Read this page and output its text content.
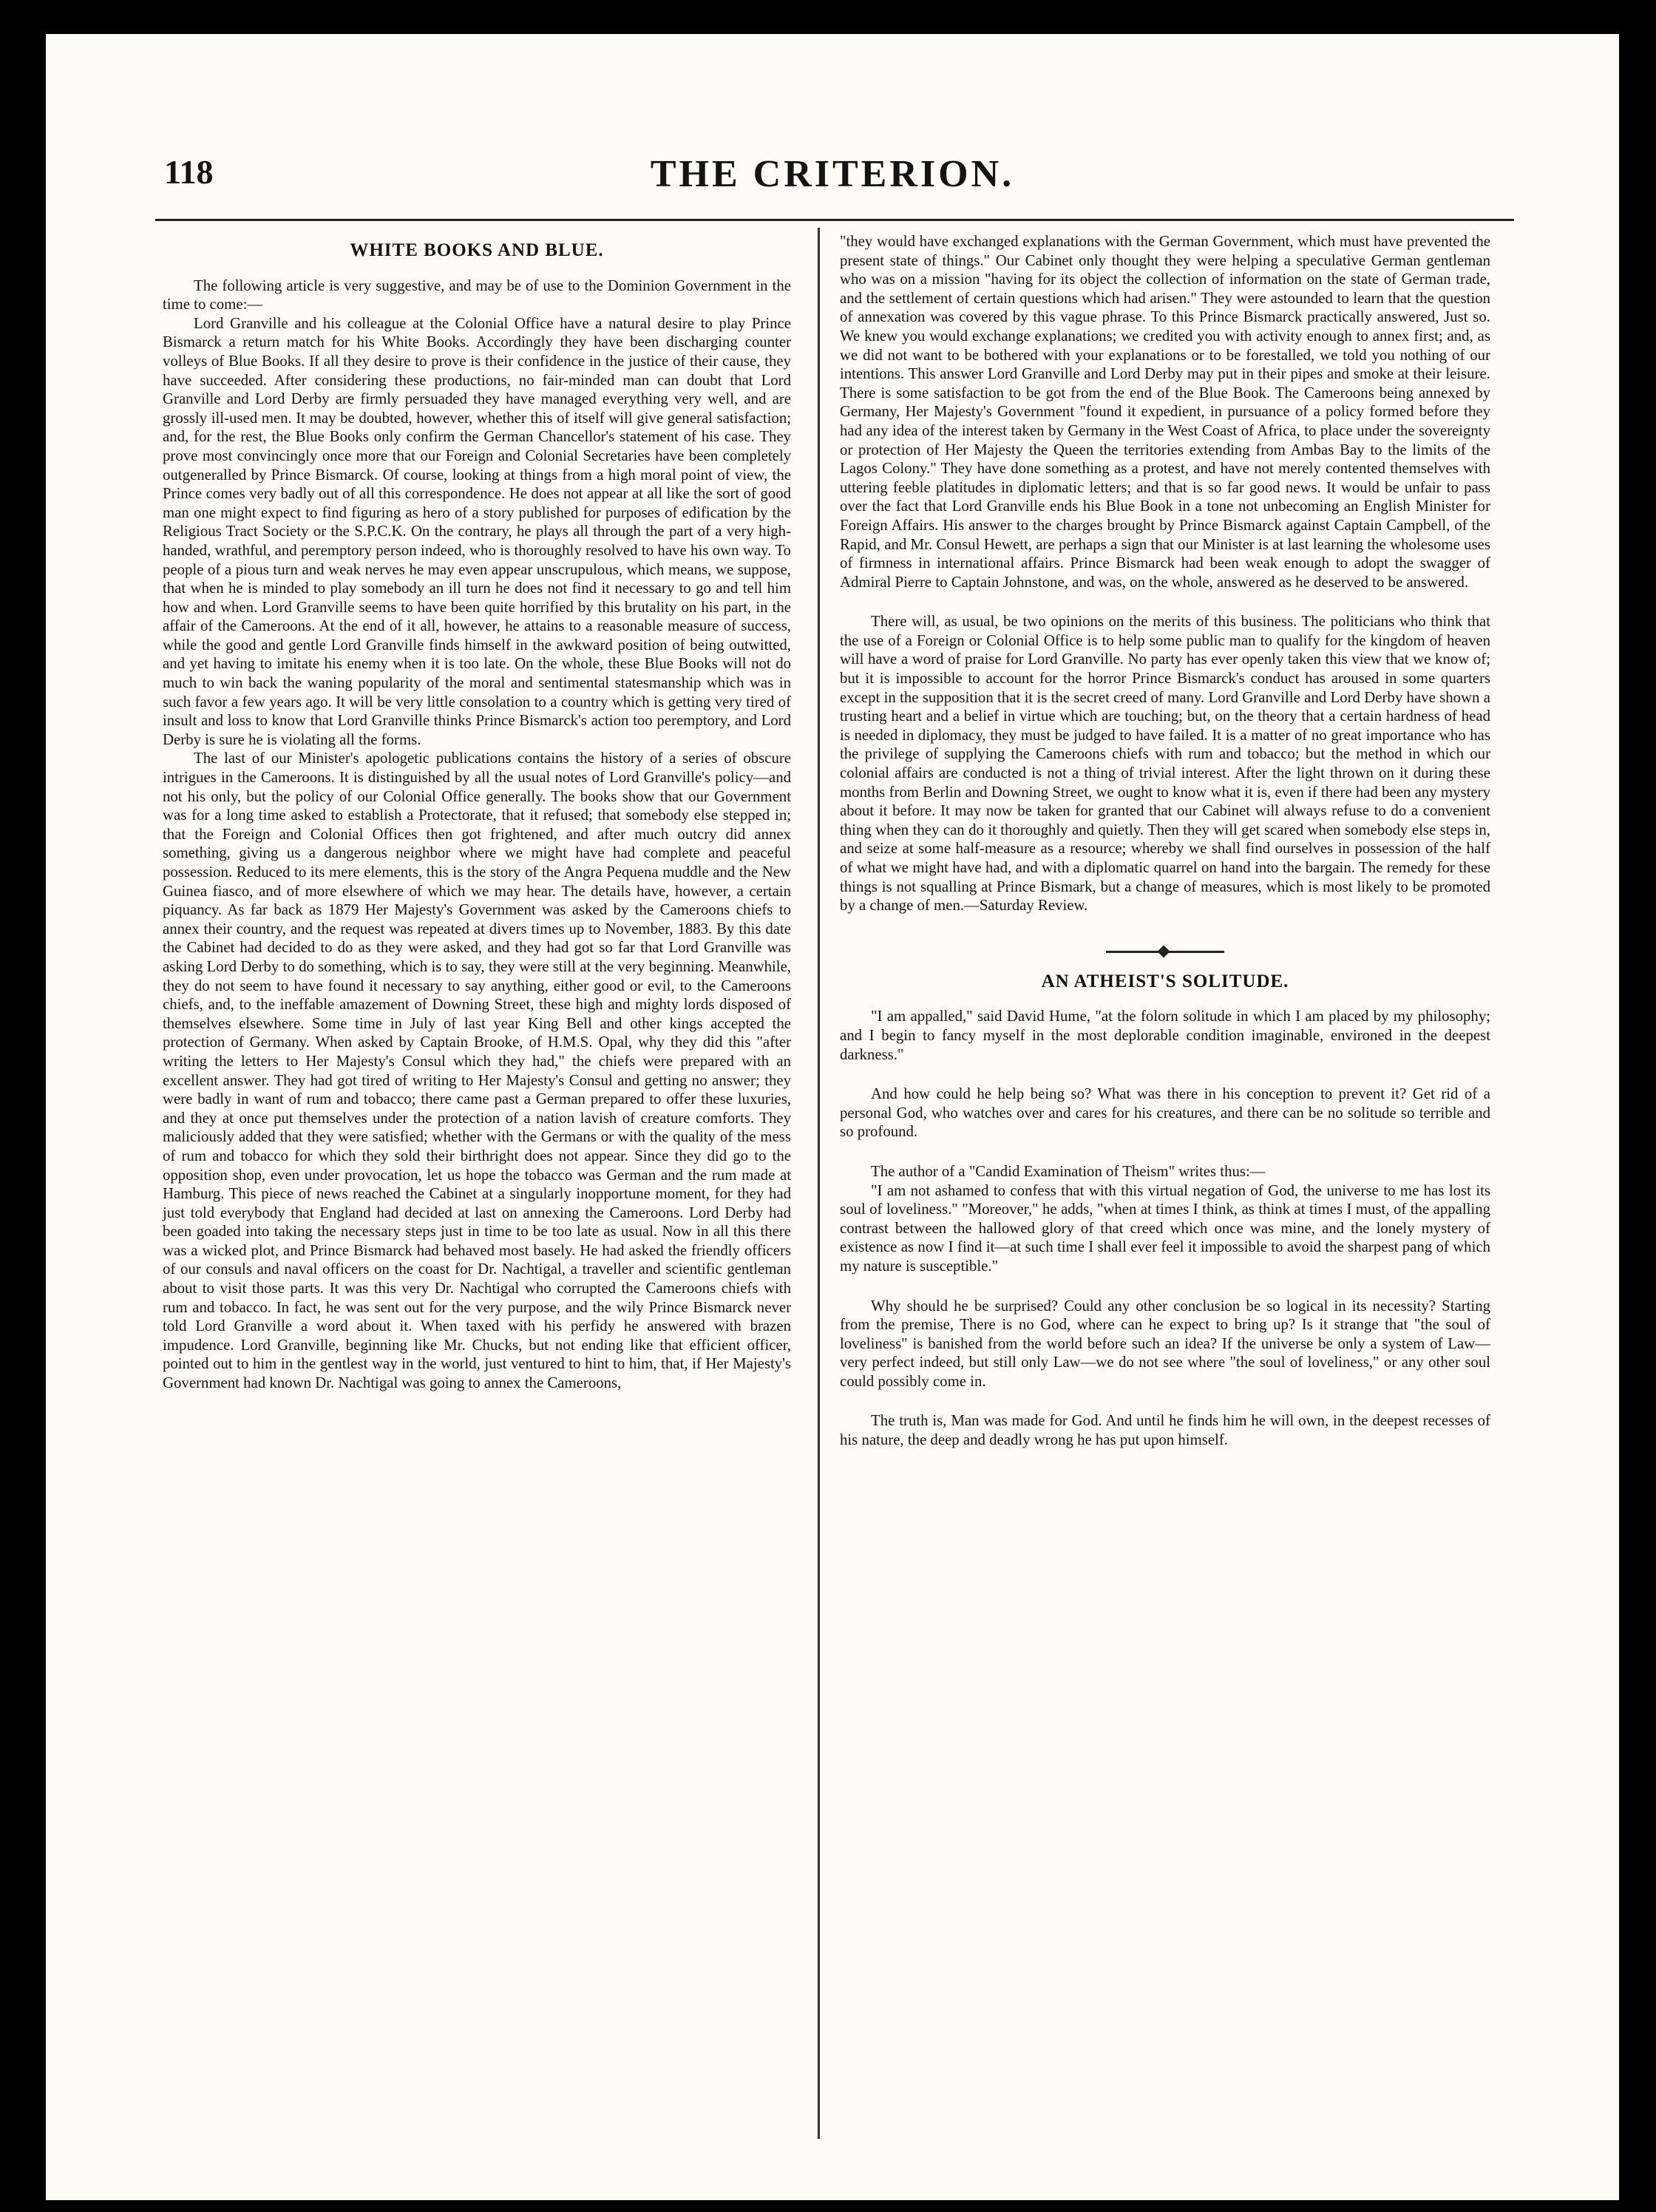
118	THE CRITERION.
WHITE BOOKS AND BLUE.

The following article is very suggestive, and may be of use to the Dominion Government in the time to come:—

Lord Granville and his colleague at the Colonial Office have a natural desire to play Prince Bismarck a return match for his White Books. Accordingly they have been discharging counter volleys of Blue Books. If all they desire to prove is their confidence in the justice of their cause, they have succeeded. After considering these productions, no fair-minded man can doubt that Lord Granville and Lord Derby are firmly persuaded they have managed everything very well, and are grossly ill-used men. It may be doubted, however, whether this of itself will give general satisfaction; and, for the rest, the Blue Books only confirm the German Chancellor's statement of his case. They prove most convincingly once more that our Foreign and Colonial Secretaries have been completely outgeneralled by Prince Bismarck. Of course, looking at things from a high moral point of view, the Prince comes very badly out of all this correspondence. He does not appear at all like the sort of good man one might expect to find figuring as hero of a story published for purposes of edification by the Religious Tract Society or the S.P.C.K. On the contrary, he plays all through the part of a very high-handed, wrathful, and peremptory person indeed, who is thoroughly resolved to have his own way. To people of a pious turn and weak nerves he may even appear unscrupulous, which means, we suppose, that when he is minded to play somebody an ill turn he does not find it necessary to go and tell him how and when. Lord Granville seems to have been quite horrified by this brutality on his part, in the affair of the Cameroons. At the end of it all, however, he attains to a reasonable measure of success, while the good and gentle Lord Granville finds himself in the awkward position of being outwitted, and yet having to imitate his enemy when it is too late. On the whole, these Blue Books will not do much to win back the waning popularity of the moral and sentimental statesmanship which was in such favor a few years ago. It will be very little consolation to a country which is getting very tired of insult and loss to know that Lord Granville thinks Prince Bismarck's action too peremptory, and Lord Derby is sure he is violating all the forms.

The last of our Minister's apologetic publications contains the history of a series of obscure intrigues in the Cameroons. It is distinguished by all the usual notes of Lord Granville's policy—and not his only, but the policy of our Colonial Office generally. The books show that our Government was for a long time asked to establish a Protectorate, that it refused; that somebody else stepped in; that the Foreign and Colonial Offices then got frightened, and after much outcry did annex something, giving us a dangerous neighbor where we might have had complete and peaceful possession. Reduced to its mere elements, this is the story of the Angra Pequena muddle and the New Guinea fiasco, and of more elsewhere of which we may hear. The details have, however, a certain piquancy. As far back as 1879 Her Majesty's Government was asked by the Cameroons chiefs to annex their country, and the request was repeated at divers times up to November, 1883. By this date the Cabinet had decided to do as they were asked, and they had got so far that Lord Granville was asking Lord Derby to do something, which is to say, they were still at the very beginning. Meanwhile, they do not seem to have found it necessary to say anything, either good or evil, to the Cameroons chiefs, and, to the ineffable amazement of Downing Street, these high and mighty lords disposed of themselves elsewhere. Some time in July of last year King Bell and other kings accepted the protection of Germany. When asked by Captain Brooke, of H.M.S. Opal, why they did this "after writing the letters to Her Majesty's Consul which they had," the chiefs were prepared with an excellent answer. They had got tired of writing to Her Majesty's Consul and getting no answer; they were badly in want of rum and tobacco; there came past a German prepared to offer these luxuries, and they at once put themselves under the protection of a nation lavish of creature comforts. They maliciously added that they were satisfied; whether with the Germans or with the quality of the mess of rum and tobacco for which they sold their birthright does not appear. Since they did go to the opposition shop, even under provocation, let us hope the tobacco was German and the rum made at Hamburg. This piece of news reached the Cabinet at a singularly inopportune moment, for they had just told everybody that England had decided at last on annexing the Cameroons. Lord Derby had been goaded into taking the necessary steps just in time to be too late as usual. Now in all this there was a wicked plot, and Prince Bismarck had behaved most basely. He had asked the friendly officers of our consuls and naval officers on the coast for Dr. Nachtigal, a traveller and scientific gentleman about to visit those parts. It was this very Dr. Nachtigal who corrupted the Cameroons chiefs with rum and tobacco. In fact, he was sent out for the very purpose, and the wily Prince Bismarck never told Lord Granville a word about it. When taxed with his perfidy he answered with brazen impudence. Lord Granville, beginning like Mr. Chucks, but not ending like that efficient officer, pointed out to him in the gentlest way in the world, just ventured to hint to him, that, if Her Majesty's Government had known Dr. Nachtigal was going to annex the Cameroons,

"they would have exchanged explanations with the German Government, which must have prevented the present state of things." Our Cabinet only thought they were helping a speculative German gentleman who was on a mission "having for its object the collection of information on the state of German trade, and the settlement of certain questions which had arisen." They were astounded to learn that the question of annexation was covered by this vague phrase. To this Prince Bismarck practically answered, Just so. We knew you would exchange explanations; we credited you with activity enough to annex first; and, as we did not want to be bothered with your explanations or to be forestalled, we told you nothing of our intentions. This answer Lord Granville and Lord Derby may put in their pipes and smoke at their leisure. There is some satisfaction to be got from the end of the Blue Book. The Cameroons being annexed by Germany, Her Majesty's Government "found it expedient, in pursuance of a policy formed before they had any idea of the interest taken by Germany in the West Coast of Africa, to place under the sovereignty or protection of Her Majesty the Queen the territories extending from Ambas Bay to the limits of the Lagos Colony." They have done something as a protest, and have not merely contented themselves with uttering feeble platitudes in diplomatic letters; and that is so far good news. It would be unfair to pass over the fact that Lord Granville ends his Blue Book in a tone not unbecoming an English Minister for Foreign Affairs. His answer to the charges brought by Prince Bismarck against Captain Campbell, of the Rapid, and Mr. Consul Hewett, are perhaps a sign that our Minister is at last learning the wholesome uses of firmness in international affairs. Prince Bismarck had been weak enough to adopt the swagger of Admiral Pierre to Captain Johnstone, and was, on the whole, answered as he deserved to be answered.

There will, as usual, be two opinions on the merits of this business. The politicians who think that the use of a Foreign or Colonial Office is to help some public man to qualify for the kingdom of heaven will have a word of praise for Lord Granville. No party has ever openly taken this view that we know of; but it is impossible to account for the horror Prince Bismarck's conduct has aroused in some quarters except in the supposition that it is the secret creed of many. Lord Granville and Lord Derby have shown a trusting heart and a belief in virtue which are touching; but, on the theory that a certain hardness of head is needed in diplomacy, they must be judged to have failed. It is a matter of no great importance who has the privilege of supplying the Cameroons chiefs with rum and tobacco; but the method in which our colonial affairs are conducted is not a thing of trivial interest. After the light thrown on it during these months from Berlin and Downing Street, we ought to know what it is, even if there had been any mystery about it before. It may now be taken for granted that our Cabinet will always refuse to do a convenient thing when they can do it thoroughly and quietly. Then they will get scared when somebody else steps in, and seize at some half-measure as a resource; whereby we shall find ourselves in possession of the half of what we might have had, and with a diplomatic quarrel on hand into the bargain. The remedy for these things is not squalling at Prince Bismark, but a change of measures, which is most likely to be promoted by a change of men.—Saturday Review.

AN ATHEIST'S SOLITUDE.

"I am appalled," said David Hume, "at the folorn solitude in which I am placed by my philosophy; and I begin to fancy myself in the most deplorable condition imaginable, environed in the deepest darkness."

And how could he help being so? What was there in his conception to prevent it? Get rid of a personal God, who watches over and cares for his creatures, and there can be no solitude so terrible and so profound.

The author of a "Candid Examination of Theism" writes thus:—

"I am not ashamed to confess that with this virtual negation of God, the universe to me has lost its soul of loveliness." "Moreover," he adds, "when at times I think, as think at times I must, of the appalling contrast between the hallowed glory of that creed which once was mine, and the lonely mystery of existence as now I find it—at such time I shall ever feel it impossible to avoid the sharpest pang of which my nature is susceptible."

Why should he be surprised? Could any other conclusion be so logical in its necessity? Starting from the premise, There is no God, where can he expect to bring up? Is it strange that "the soul of loveliness" is banished from the world before such an idea? If the universe be only a system of Law—very perfect indeed, but still only Law—we do not see where "the soul of loveliness," or any other soul could possibly come in.

The truth is, Man was made for God. And until he finds him he will own, in the deepest recesses of his nature, the deep and deadly wrong he has put upon himself.
